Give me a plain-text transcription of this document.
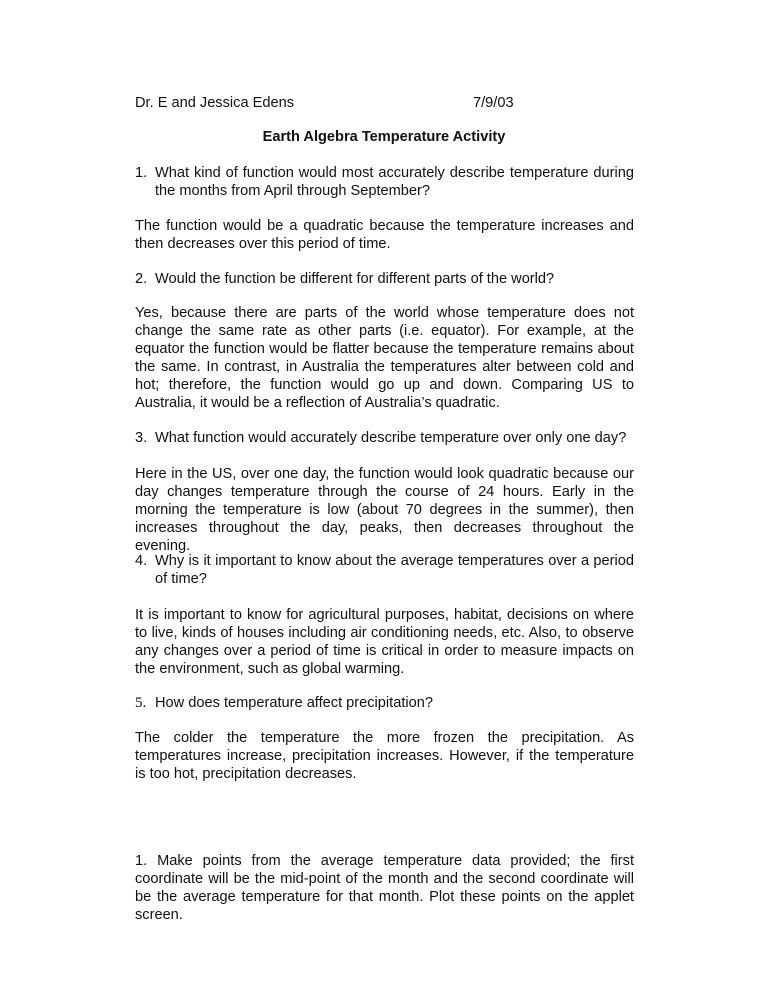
Dr. E and Jessica Edens	7/9/03
Earth Algebra Temperature Activity
1. What kind of function would most accurately describe temperature during the months from April through September?
The function would be a quadratic because the temperature increases and then decreases over this period of time.
2. Would the function be different for different parts of the world?
Yes, because there are parts of the world whose temperature does not change the same rate as other parts (i.e. equator). For example, at the equator the function would be flatter because the temperature remains about the same. In contrast, in Australia the temperatures alter between cold and hot; therefore, the function would go up and down. Comparing US to Australia, it would be a reflection of Australia’s quadratic.
3. What function would accurately describe temperature over only one day?
Here in the US, over one day, the function would look quadratic because our day changes temperature through the course of 24 hours. Early in the morning the temperature is low (about 70 degrees in the summer), then increases throughout the day, peaks, then decreases throughout the evening.
4. Why is it important to know about the average temperatures over a period of time?
It is important to know for agricultural purposes, habitat, decisions on where to live, kinds of houses including air conditioning needs, etc. Also, to observe any changes over a period of time is critical in order to measure impacts on the environment, such as global warming.
5. How does temperature affect precipitation?
The colder the temperature the more frozen the precipitation. As temperatures increase, precipitation increases. However, if the temperature is too hot, precipitation decreases.
1. Make points from the average temperature data provided; the first coordinate will be the mid-point of the month and the second coordinate will be the average temperature for that month. Plot these points on the applet screen.
